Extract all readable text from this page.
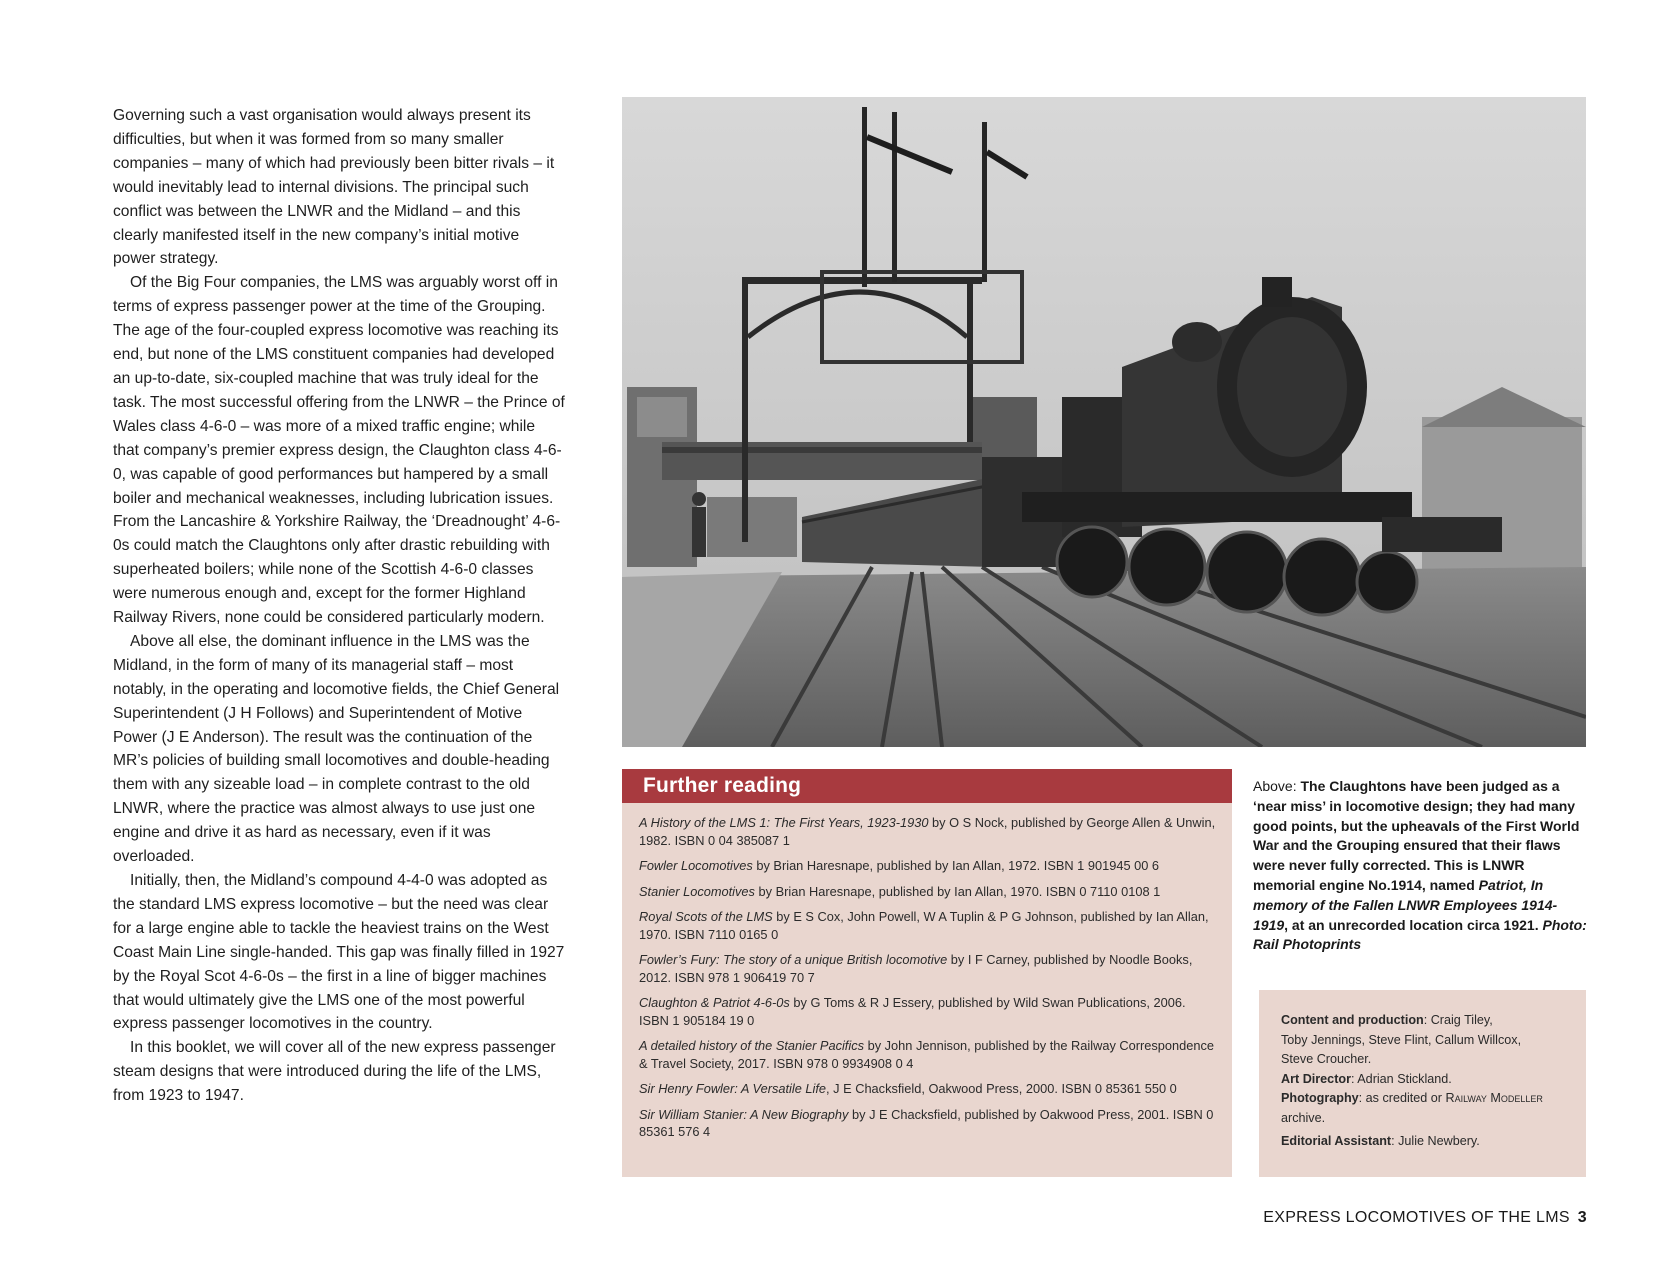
Governing such a vast organisation would always present its difficulties, but when it was formed from so many smaller companies – many of which had previously been bitter rivals – it would inevitably lead to internal divisions. The principal such conflict was between the LNWR and the Midland – and this clearly manifested itself in the new company’s initial motive power strategy.

Of the Big Four companies, the LMS was arguably worst off in terms of express passenger power at the time of the Grouping. The age of the four-coupled express locomotive was reaching its end, but none of the LMS constituent companies had developed an up-to-date, six-coupled machine that was truly ideal for the task. The most successful offering from the LNWR – the Prince of Wales class 4-6-0 – was more of a mixed traffic engine; while that company’s premier express design, the Claughton class 4-6-0, was capable of good performances but hampered by a small boiler and mechanical weaknesses, including lubrication issues. From the Lancashire & Yorkshire Railway, the ‘Dreadnought’ 4-6-0s could match the Claughtons only after drastic rebuilding with superheated boilers; while none of the Scottish 4-6-0 classes were numerous enough and, except for the former Highland Railway Rivers, none could be considered particularly modern.

Above all else, the dominant influence in the LMS was the Midland, in the form of many of its managerial staff – most notably, in the operating and locomotive fields, the Chief General Superintendent (J H Follows) and Superintendent of Motive Power (J E Anderson). The result was the continuation of the MR’s policies of building small locomotives and double-heading them with any sizeable load – in complete contrast to the old LNWR, where the practice was almost always to use just one engine and drive it as hard as necessary, even if it was overloaded.

Initially, then, the Midland’s compound 4-4-0 was adopted as the standard LMS express locomotive – but the need was clear for a large engine able to tackle the heaviest trains on the West Coast Main Line single-handed. This gap was finally filled in 1927 by the Royal Scot 4-6-0s – the first in a line of bigger machines that would ultimately give the LMS one of the most powerful express passenger locomotives in the country.

In this booklet, we will cover all of the new express passenger steam designs that were introduced during the life of the LMS, from 1923 to 1947.

Further reading
A History of the LMS 1: The First Years, 1923-1930 by O S Nock, published by George Allen & Unwin, 1982. ISBN 0 04 385087 1
Fowler Locomotives by Brian Haresnape, published by Ian Allan, 1972. ISBN 1 901945 00 6
Stanier Locomotives by Brian Haresnape, published by Ian Allan, 1970. ISBN 0 7110 0108 1
Royal Scots of the LMS by E S Cox, John Powell, W A Tuplin & P G Johnson, published by Ian Allan, 1970. ISBN 7110 0165 0
Fowler’s Fury: The story of a unique British locomotive by I F Carney, published by Noodle Books, 2012. ISBN 978 1 906419 70 7
Claughton & Patriot 4-6-0s by G Toms & R J Essery, published by Wild Swan Publications, 2006. ISBN 1 905184 19 0
A detailed history of the Stanier Pacifics by John Jennison, published by the Railway Correspondence & Travel Society, 2017. ISBN 978 0 9934908 0 4
Sir Henry Fowler: A Versatile Life, J E Chacksfield, Oakwood Press, 2000. ISBN 0 85361 550 0
Sir William Stanier: A New Biography by J E Chacksfield, published by Oakwood Press, 2001. ISBN 0 85361 576 4
Above: The Claughtons have been judged as a ‘near miss’ in locomotive design; they had many good points, but the upheavals of the First World War and the Grouping ensured that their flaws were never fully corrected. This is LNWR memorial engine No.1914, named Patriot, In memory of the Fallen LNWR Employees 1914-1919, at an unrecorded location circa 1921. Photo: Rail Photoprints
Content and production: Craig Tiley,
Toby Jennings, Steve Flint, Callum Willcox,
Steve Croucher.
Art Director: Adrian Stickland.
Photography: as credited or Railway Modeller
archive.
Editorial Assistant: Julie Newbery.
EXPRESS LOCOMOTIVES OF THE LMS 3
